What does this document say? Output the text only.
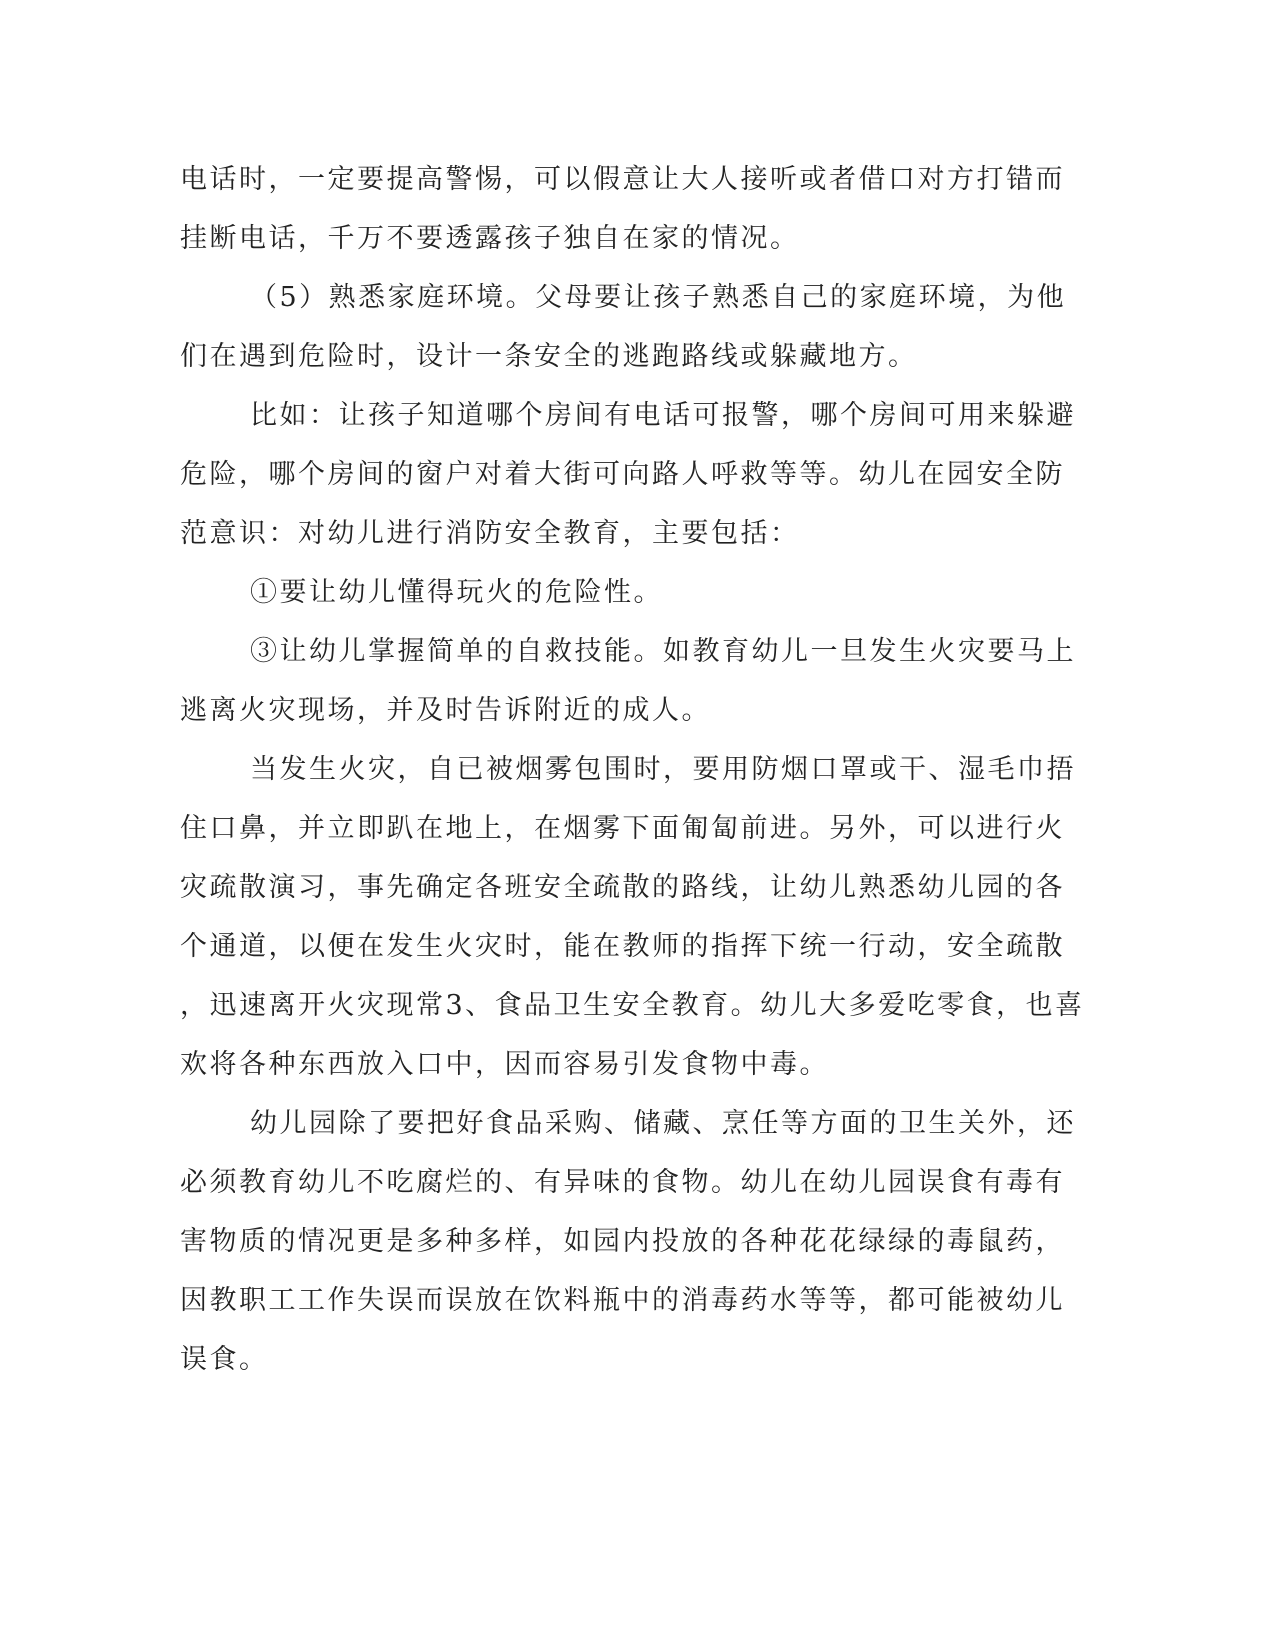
电话时，一定要提高警惕，可以假意让大人接听或者借口对方打错而

挂断电话，千万不要透露孩子独自在家的情况。

（5）熟悉家庭环境。父母要让孩子熟悉自己的家庭环境，为他

们在遇到危险时，设计一条安全的逃跑路线或躲藏地方。

比如：让孩子知道哪个房间有电话可报警，哪个房间可用来躲避

危险，哪个房间的窗户对着大街可向路人呼救等等。幼儿在园安全防

范意识：对幼儿进行消防安全教育，主要包括：

①要让幼儿懂得玩火的危险性。

③让幼儿掌握简单的自救技能。如教育幼儿一旦发生火灾要马上

逃离火灾现场，并及时告诉附近的成人。

当发生火灾，自已被烟雾包围时，要用防烟口罩或干、湿毛巾捂

住口鼻，并立即趴在地上，在烟雾下面匍匐前进。另外，可以进行火

灾疏散演习，事先确定各班安全疏散的路线，让幼儿熟悉幼儿园的各

个通道，以便在发生火灾时，能在教师的指挥下统一行动，安全疏散

，迅速离开火灾现常3、食品卫生安全教育。幼儿大多爱吃零食，也喜

欢将各种东西放入口中，因而容易引发食物中毒。

幼儿园除了要把好食品采购、储藏、烹任等方面的卫生关外，还

必须教育幼儿不吃腐烂的、有异味的食物。幼儿在幼儿园误食有毒有

害物质的情况更是多种多样，如园内投放的各种花花绿绿的毒鼠药，

因教职工工作失误而误放在饮料瓶中的消毒药水等等，都可能被幼儿

误食。
